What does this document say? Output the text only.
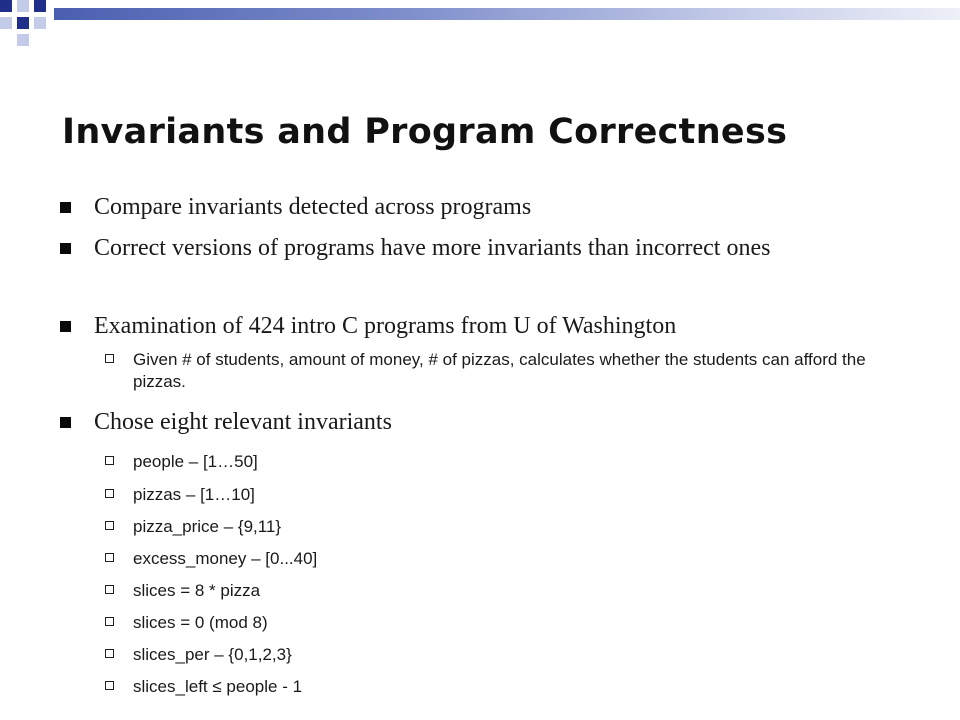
Invariants and Program Correctness
Compare invariants detected across programs
Correct versions of programs have more invariants than incorrect ones
Examination of 424 intro C programs from U of Washington
Given # of students, amount of money, # of pizzas, calculates whether the students can afford the pizzas.
Chose eight relevant invariants
people – [1…50]
pizzas – [1…10]
pizza_price – {9,11}
excess_money – [0...40]
slices = 8 * pizza
slices = 0 (mod 8)
slices_per – {0,1,2,3}
slices_left ≤ people - 1
